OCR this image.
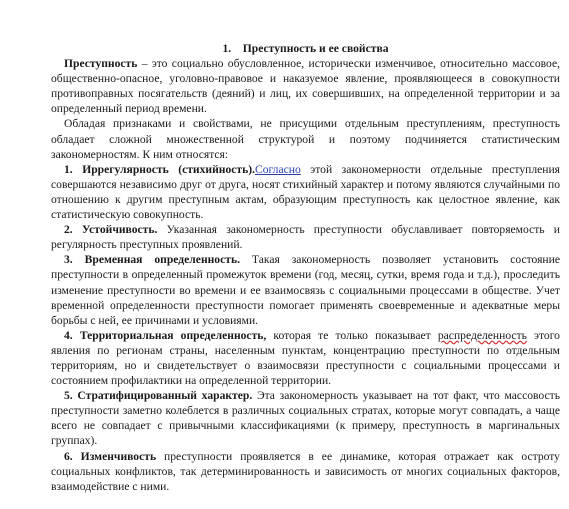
1. Преступность и ее свойства

Преступность – это социально обусловленное, исторически изменчивое, относительно массовое, общественно-опасное, уголовно-правовое и наказуемое явление, проявляющееся в совокупности противоправных посягательств (деяний) и лиц, их совершивших, на определенной территории и за определенный период времени.

Обладая признаками и свойствами, не присущими отдельным преступлениям, преступность обладает сложной множественной структурой и поэтому подчиняется статистическим закономерностям. К ним относятся:

1. Иррегулярность (стихийность).Согласно этой закономерности отдельные преступления совершаются независимо друг от друга, носят стихийный характер и потому являются случайными по отношению к другим преступным актам, образующим преступность как целостное явление, как статистическую совокупность.

2. Устойчивость. Указанная закономерность преступности обуславливает повторяемость и регулярность преступных проявлений.

3. Временная определенность. Такая закономерность позволяет установить состояние преступности в определенный промежуток времени (год, месяц, сутки, время года и т.д.), проследить изменение преступности во времени и ее взаимосвязь с социальными процессами в обществе. Учет временной определенности преступности помогает применять своевременные и адекватные меры борьбы с ней, ее причинами и условиями.

4. Территориальная определенность, которая те только показывает распределенность этого явления по регионам страны, населенным пунктам, концентрацию преступности по отдельным территориям, но и свидетельствует о взаимосвязи преступности с социальными процессами и состоянием профилактики на определенной территории.

5. Стратифицированный характер. Эта закономерность указывает на тот факт, что массовость преступности заметно колеблется в различных социальных стратах, которые могут совпадать, а чаще всего не совпадает с привычными классификациями (к примеру, преступность в маргинальных группах).

6. Изменчивость преступности проявляется в ее динамике, которая отражает как остроту социальных конфликтов, так детерминированность и зависимость от многих социальных факторов, взаимодействие с ними.
